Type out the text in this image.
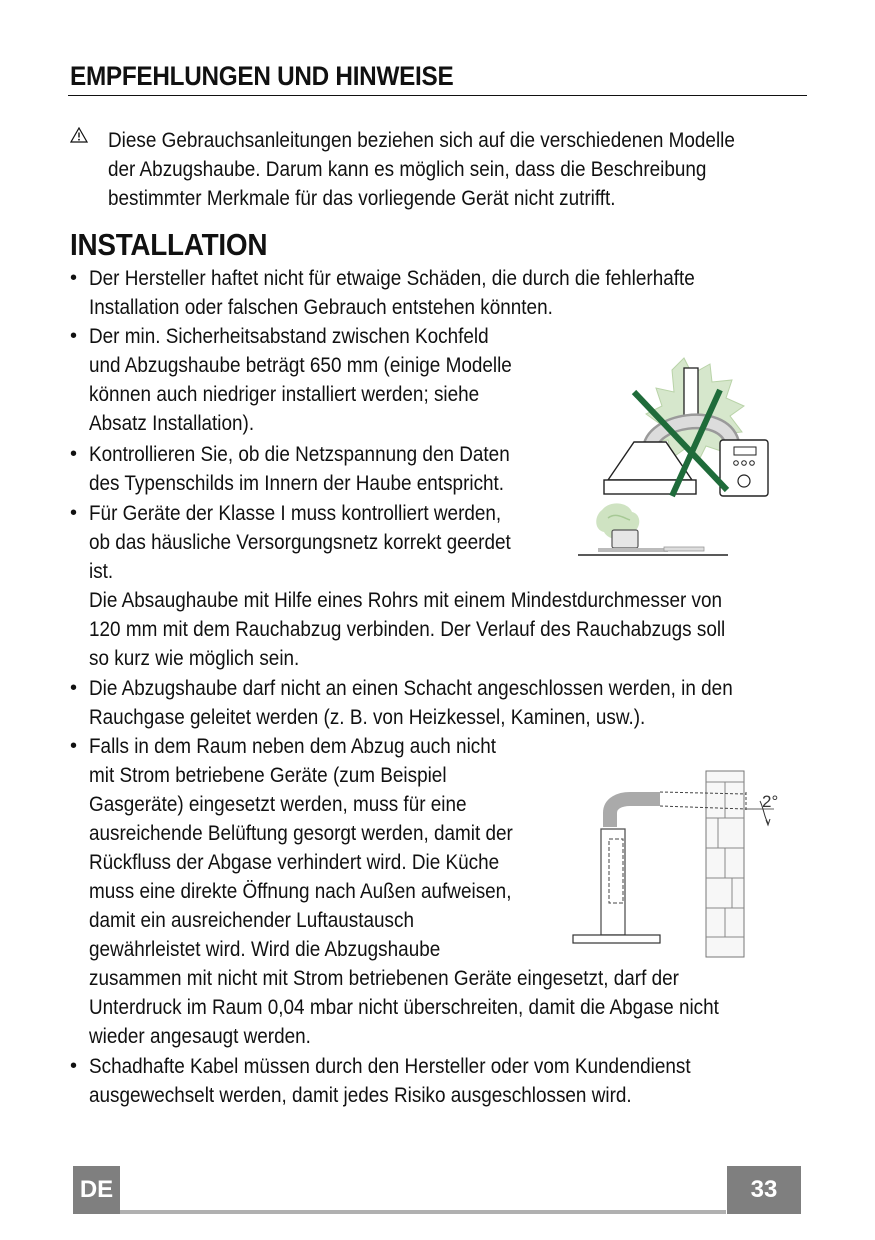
EMPFEHLUNGEN UND HINWEISE
Diese Gebrauchsanleitungen beziehen sich auf die verschiedenen Modelle
der Abzugshaube. Darum kann es möglich sein, dass die Beschreibung
bestimmter Merkmale für das vorliegende Gerät nicht zutrifft.
INSTALLATION
• Der Hersteller haftet nicht für etwaige Schäden, die durch die fehlerhafte
Installation oder falschen Gebrauch entstehen könnten.
• Der min. Sicherheitsabstand zwischen Kochfeld
und Abzugshaube beträgt 650 mm (einige Modelle
können auch niedriger installiert werden; siehe
Absatz Installation).
• Kontrollieren Sie, ob die Netzspannung den Daten
des Typenschilds im Innern der Haube entspricht.
• Für Geräte der Klasse I muss kontrolliert werden,
ob das häusliche Versorgungsnetz korrekt geerdet
ist.
Die Absaughaube mit Hilfe eines Rohrs mit einem Mindestdurchmesser von
120 mm mit dem Rauchabzug verbinden. Der Verlauf des Rauchabzugs soll
so kurz wie möglich sein.
• Die Abzugshaube darf nicht an einen Schacht angeschlossen werden, in den
Rauchgase geleitet werden (z. B. von Heizkessel, Kaminen, usw.).
• Falls in dem Raum neben dem Abzug auch nicht
mit Strom betriebene Geräte (zum Beispiel
Gasgeräte) eingesetzt werden, muss für eine
ausreichende Belüftung gesorgt werden, damit der
Rückfluss der Abgase verhindert wird. Die Küche
muss eine direkte Öffnung nach Außen aufweisen,
damit ein ausreichender Luftaustausch
gewährleistet wird. Wird die Abzugshaube
zusammen mit nicht mit Strom betriebenen Geräte eingesetzt, darf der
Unterdruck im Raum 0,04 mbar nicht überschreiten, damit die Abgase nicht
wieder angesaugt werden.
• Schadhafte Kabel müssen durch den Hersteller oder vom Kundendienst
ausgewechselt werden, damit jedes Risiko ausgeschlossen wird.
2°
DE	33
